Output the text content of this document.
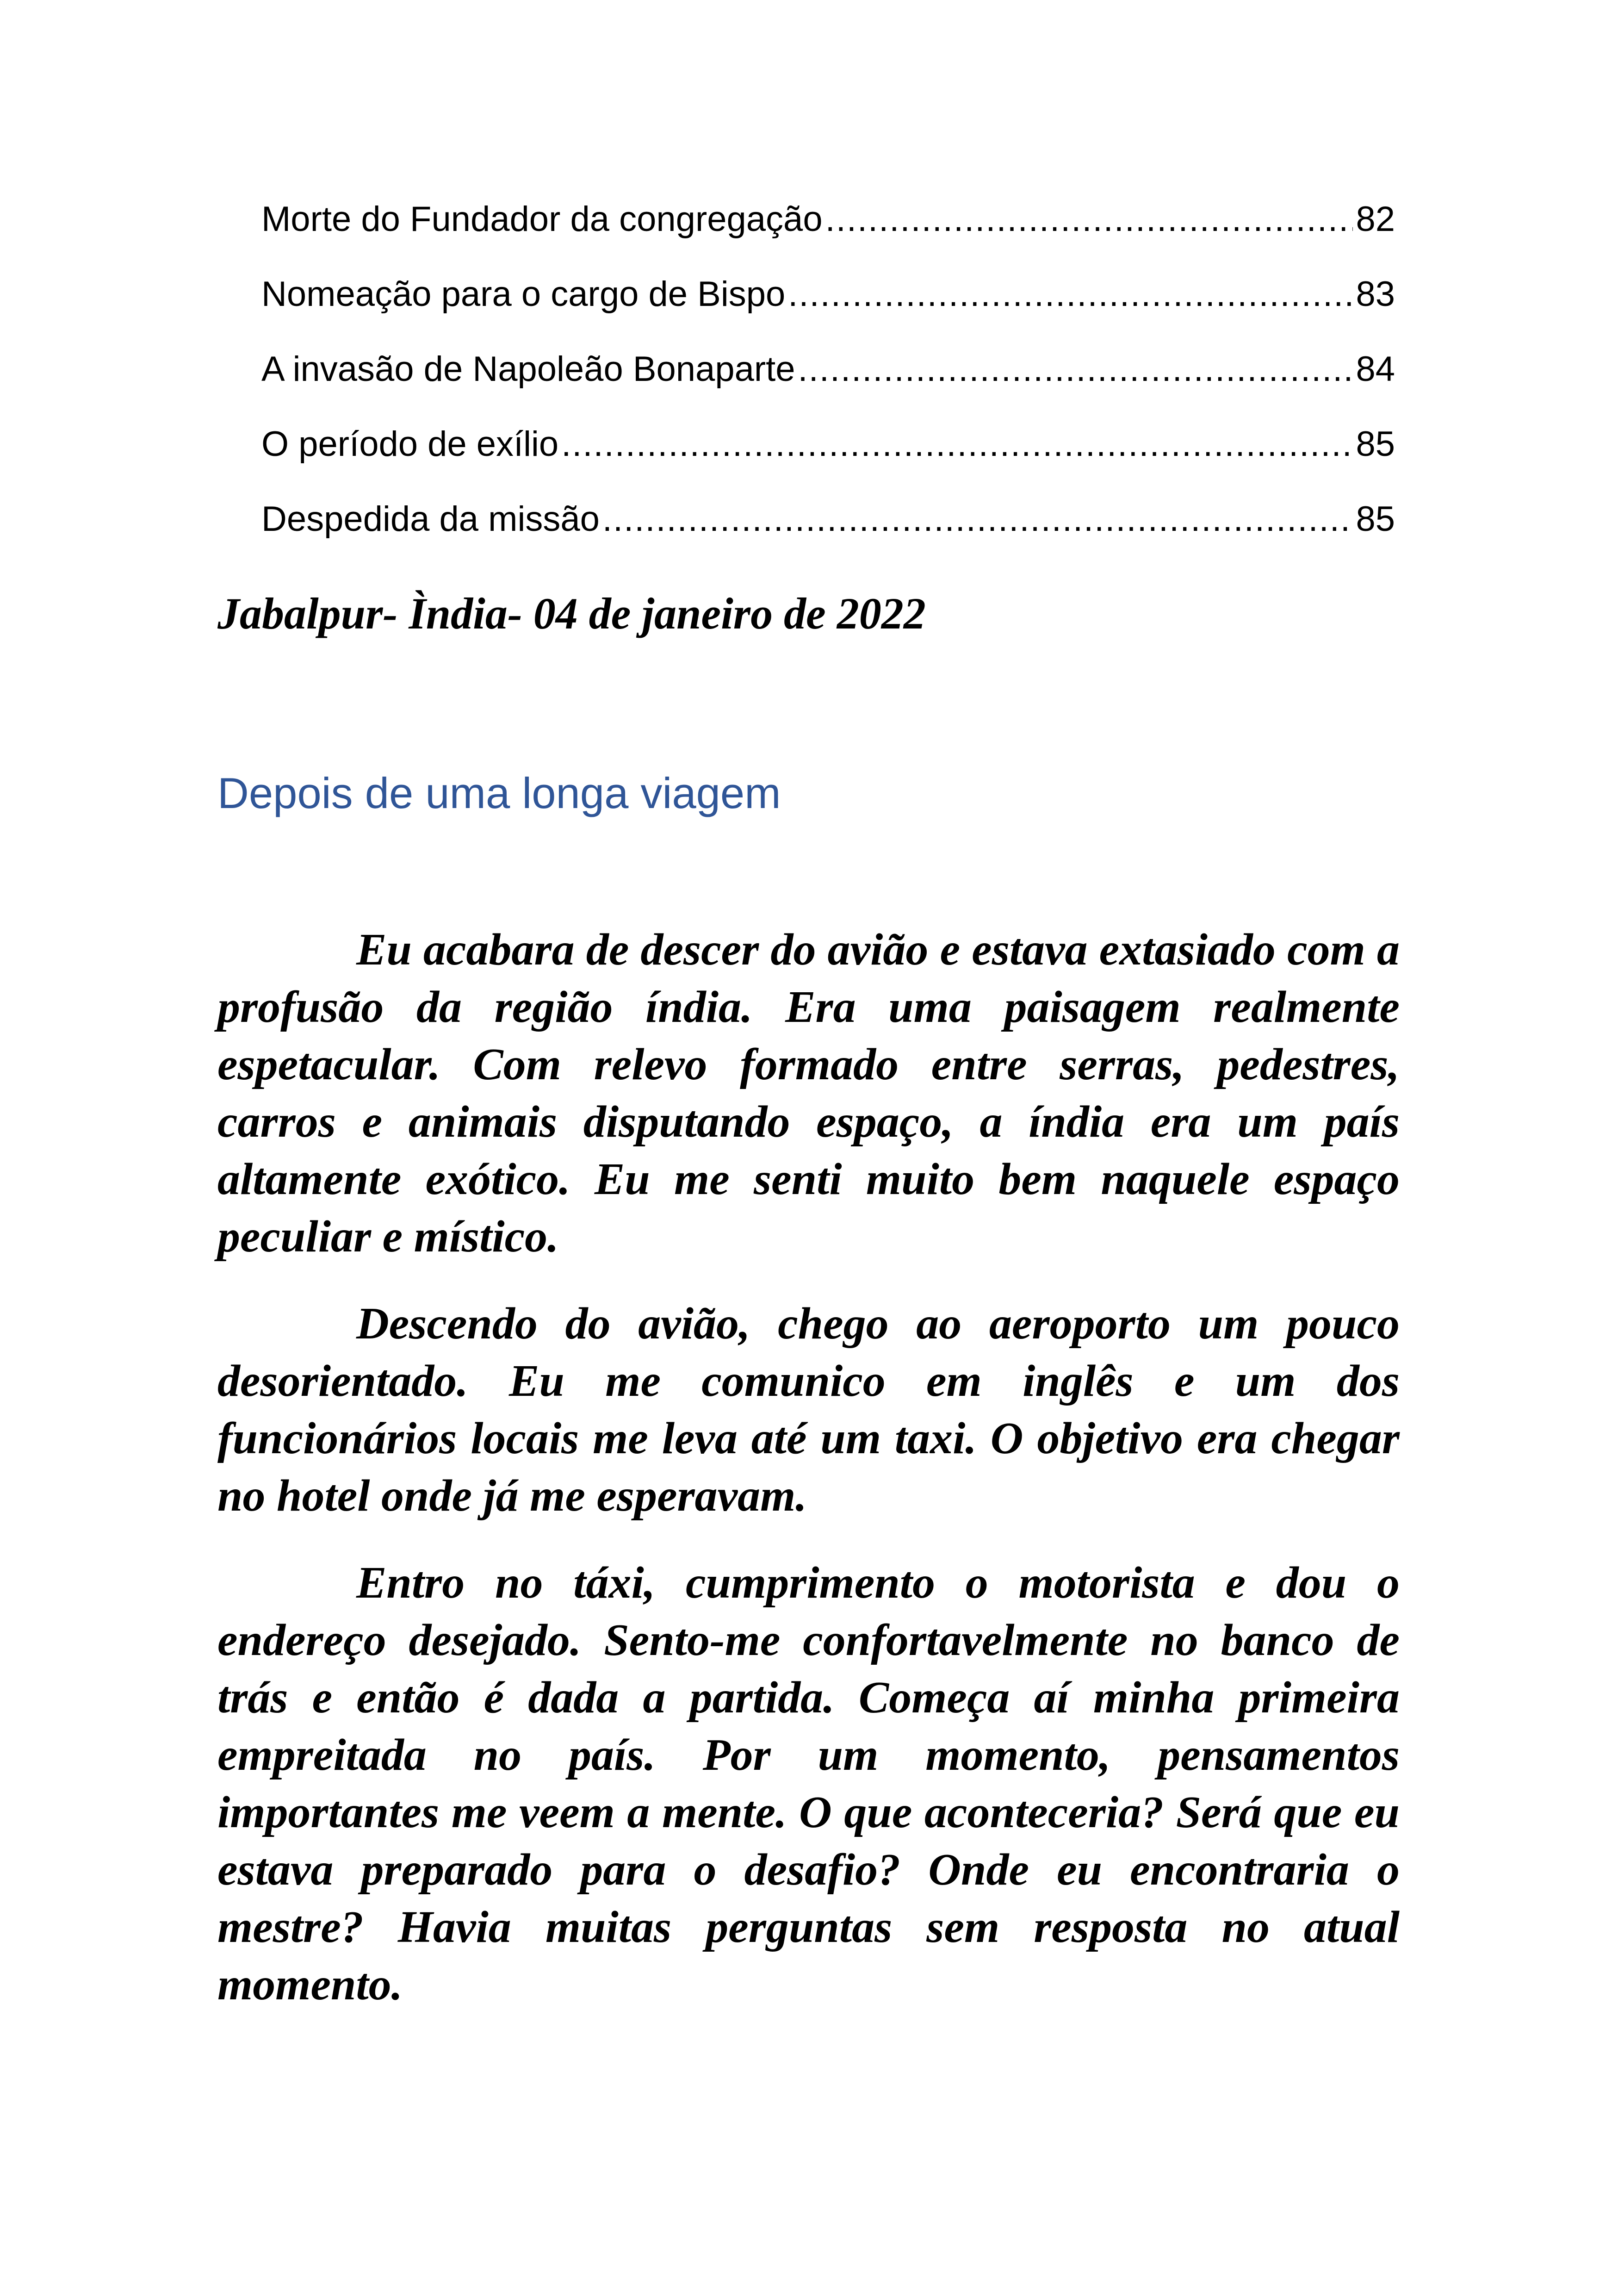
Morte do Fundador da congregação .....	82
Nomeação para o cargo de Bispo .....	83
A invasão de Napoleão Bonaparte .....	84
O período de exílio .....	85
Despedida da missão .....	85
Jabalpur- Ìndia- 04 de janeiro de 2022
Depois de uma longa viagem

Eu acabara de descer do avião e estava extasiado com a profusão da região índia. Era uma paisagem realmente espetacular. Com relevo formado entre serras, pedestres, carros e animais disputando espaço, a índia era um país altamente exótico. Eu me senti muito bem naquele espaço peculiar e místico.

Descendo do avião, chego ao aeroporto um pouco desorientado. Eu me comunico em inglês e um dos funcionários locais me leva até um taxi. O objetivo era chegar no hotel onde já me esperavam.

Entro no táxi, cumprimento o motorista e dou o endereço desejado. Sento-me confortavelmente no banco de trás e então é dada a partida. Começa aí minha primeira empreitada no país. Por um momento, pensamentos importantes me veem a mente. O que aconteceria? Será que eu estava preparado para o desafio? Onde eu encontraria o mestre? Havia muitas perguntas sem resposta no atual momento.
